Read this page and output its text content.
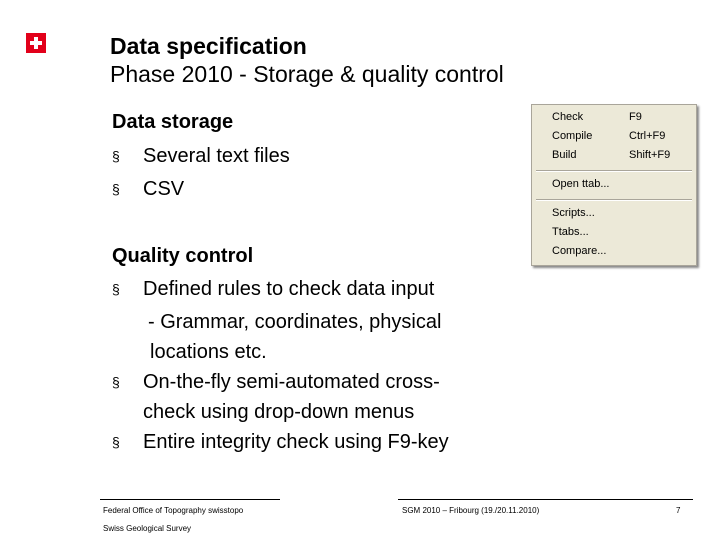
Data specification
Phase 2010 - Storage & quality control
Data storage
§ Several text files
§ CSV
Quality control
§ Defined rules to check data input
- Grammar, coordinates, physical
locations etc.
§ On-the-fly semi-automated cross-
check using drop-down menus
§ Entire integrity check using F9-key
Check	F9
Compile	Ctrl+F9
Build	Shift+F9
Open ttab...
Scripts...
Ttabs...
Compare...
Federal Office of Topography swisstopo
Swiss Geological Survey
SGM 2010 – Fribourg (19./20.11.2010)	7
